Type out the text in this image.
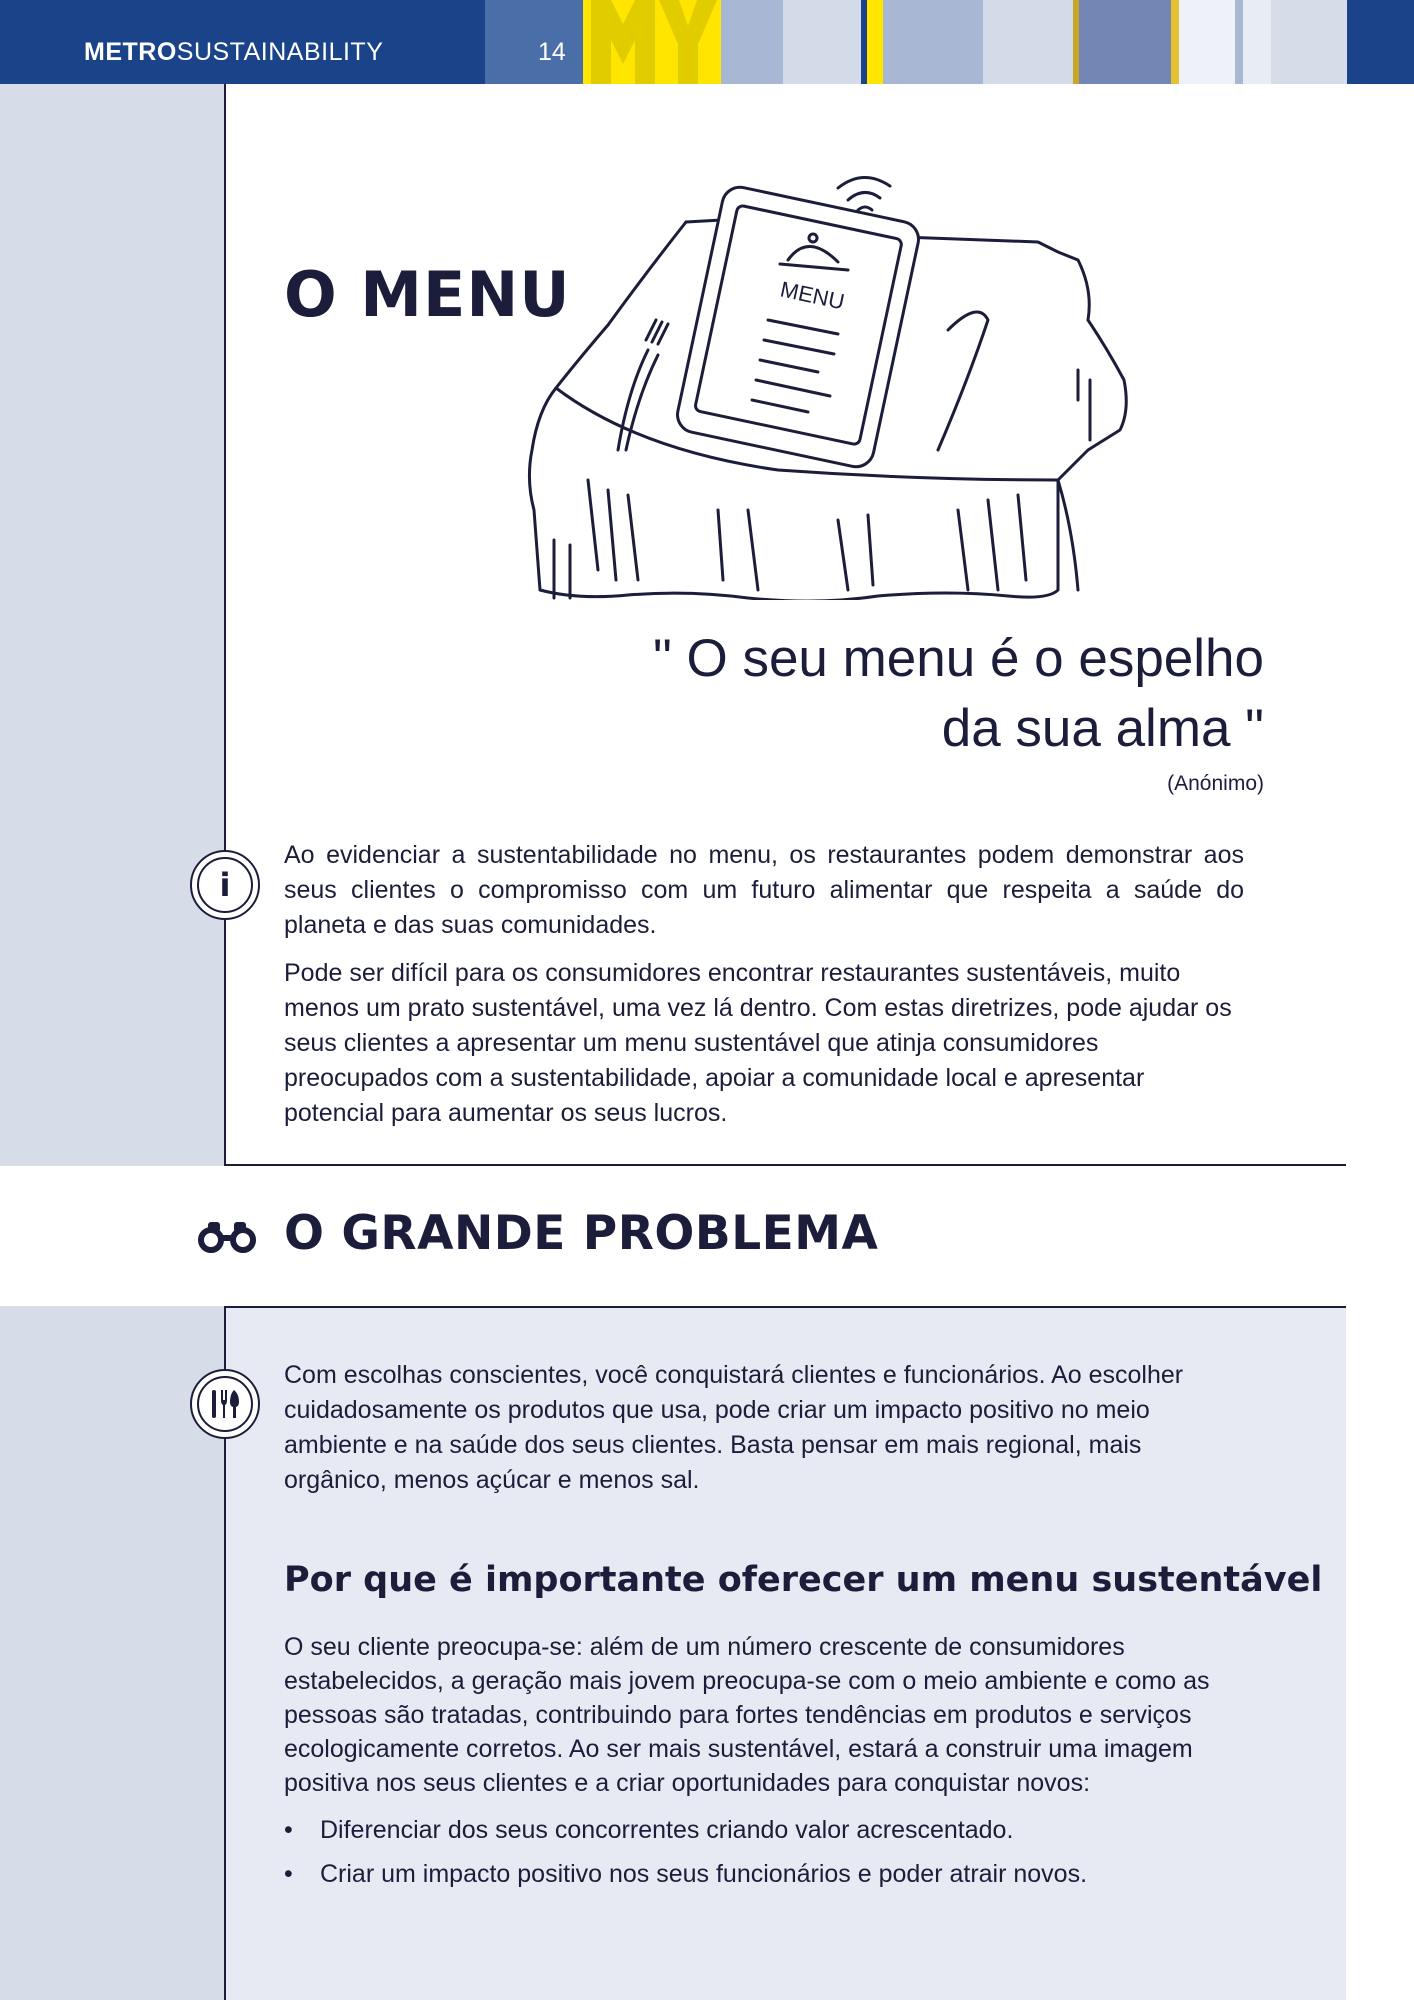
METROSUSTAINABILITY	14
O MENU	MENU
" O seu menu é o espelho
da sua alma "
(Anónimo)
i

Ao evidenciar a sustentabilidade no menu, os restaurantes podem demonstrar aos seus clientes o compromisso com um futuro alimentar que respeita a saúde do planeta e das suas comunidades.

Pode ser difícil para os consumidores encontrar restaurantes sustentáveis, muito menos um prato sustentável, uma vez lá dentro. Com estas diretrizes, pode ajudar os seus clientes a apresentar um menu sustentável que atinja consumidores preocupados com a sustentabilidade, apoiar a comunidade local e apresentar potencial para aumentar os seus lucros.

O GRANDE PROBLEMA

Com escolhas conscientes, você conquistará clientes e funcionários. Ao escolher cuidadosamente os produtos que usa, pode criar um impacto positivo no meio ambiente e na saúde dos seus clientes. Basta pensar em mais regional, mais orgânico, menos açúcar e menos sal.

Por que é importante oferecer um menu sustentável

O seu cliente preocupa-se: além de um número crescente de consumidores estabelecidos, a geração mais jovem preocupa-se com o meio ambiente e como as pessoas são tratadas, contribuindo para fortes tendências em produtos e serviços ecologicamente corretos. Ao ser mais sustentável, estará a construir uma imagem positiva nos seus clientes e a criar oportunidades para conquistar novos:

• Diferenciar dos seus concorrentes criando valor acrescentado.
• Criar um impacto positivo nos seus funcionários e poder atrair novos.
